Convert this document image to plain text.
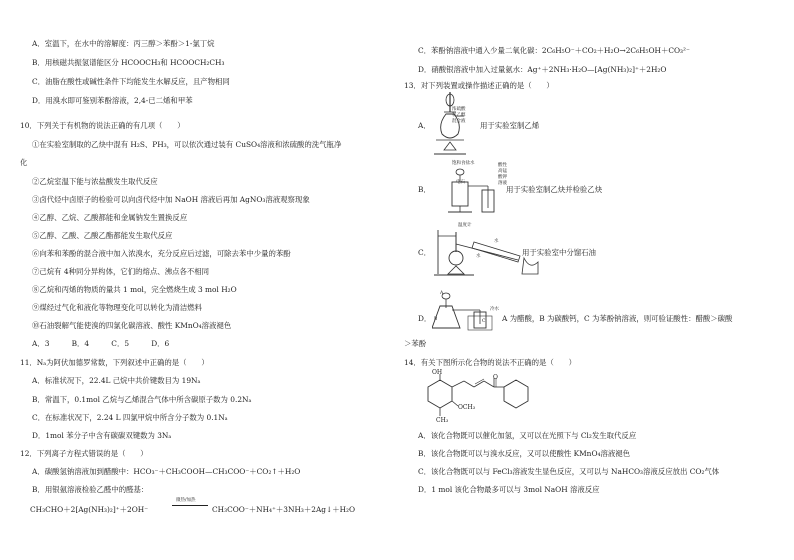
A．室温下，在水中的溶解度：丙三醇＞苯酚＞1-氯丁烷
B．用核磁共振氢谱能区分 HCOOCH₃和 HCOOCH₂CH₃
C．油脂在酸性或碱性条件下均能发生水解反应，且产物相同
D．用溴水即可鉴别苯酚溶液，2,4-已二烯和甲苯
10．下列关于有机物的说法正确的有几项（　　）
①在实验室制取的乙炔中混有 H₂S、PH₃，可以依次通过装有 CuSO₄溶液和浓硫酸的洗气瓶净
化
②乙烷室温下能与浓盐酸发生取代反应
③卤代烃中卤原子的检验可以向卤代烃中加 NaOH 溶液后再加 AgNO₃溶液观察现象
④乙醇、乙烷、乙酸都能和金属钠发生置换反应
⑤乙醇、乙酸、乙酸乙酯都能发生取代反应
⑥向苯和苯酚的混合液中加入浓溴水，充分反应后过滤，可除去苯中少量的苯酚
⑦己烷有 4种同分异构体，它们的熔点、沸点各不相同
⑧乙烷和丙烯的物质的量共 1 mol，完全燃烧生成 3 mol H₂O
⑨煤经过气化和液化等物理变化可以转化为清洁燃料
⑩石油裂解气能使溴的四氯化碳溶液、酸性 KMnO₄溶液褪色
A．3　　　B．4　　　C．5　　　D．6
11．Nₐ为阿伏加德罗常数，下列叙述中正确的是（　　）
A．标准状况下，22.4L 己烷中共价键数目为 19Nₐ
B．常温下，0.1mol 乙烷与乙烯混合气体中所含碳原子数为 0.2Nₐ
C．在标准状况下，2.24 L 四氯甲烷中所含分子数为 0.1Nₐ
D．1mol 苯分子中含有碳碳双键数为 3Nₐ
12．下列离子方程式错误的是（　　）
A．碳酸氢钠溶液加到醋酸中：HCO₃⁻＋CH₃COOH—CH₃COO⁻＋CO₂↑＋H₂O
B．用银氨溶液检验乙醛中的醛基：
CH₃CHO＋2[Ag(NH₃)₂]⁺＋2OH⁻
微热/加热
CH₃COO⁻＋NH₄⁺＋3NH₃＋2Ag↓＋H₂O
C．苯酚钠溶液中通入少量二氧化碳：2C₆H₅O⁻＋CO₂＋H₂O→2C₆H₅OH＋CO₃²⁻
D．硝酸银溶液中加入过量氨水：Ag⁺＋2NH₃·H₂O—[Ag(NH₃)₂]⁺＋2H₂O
13．对下列装置或操作描述正确的是（　　）
A．
浓硫酸
和乙醇
混合液 用于实验室制乙烯
B．
饱和食盐水
电石
酸性
高锰
酸钾
溶液
用于实验室制乙炔并检验乙炔
C．
温度计
水
水
用于实验室中分馏石油
D．
A
B	C
冷水
A 为醋酸，B 为碳酸钙，C 为苯酚钠溶液，则可验证酸性：醋酸＞碳酸
＞苯酚
14．有关下图所示化合物的说法不正确的是（　　）
OH
OCH₃
CH₃
O
A．该化合物既可以催化加氢，又可以在光照下与 Cl₂发生取代反应
B．该化合物既可以与溴水反应，又可以使酸性 KMnO₄溶液褪色
C．该化合物既可以与 FeCl₃溶液发生显色反应，又可以与 NaHCO₃溶液反应放出 CO₂气体
D．1 mol 该化合物最多可以与 3mol NaOH 溶液反应
